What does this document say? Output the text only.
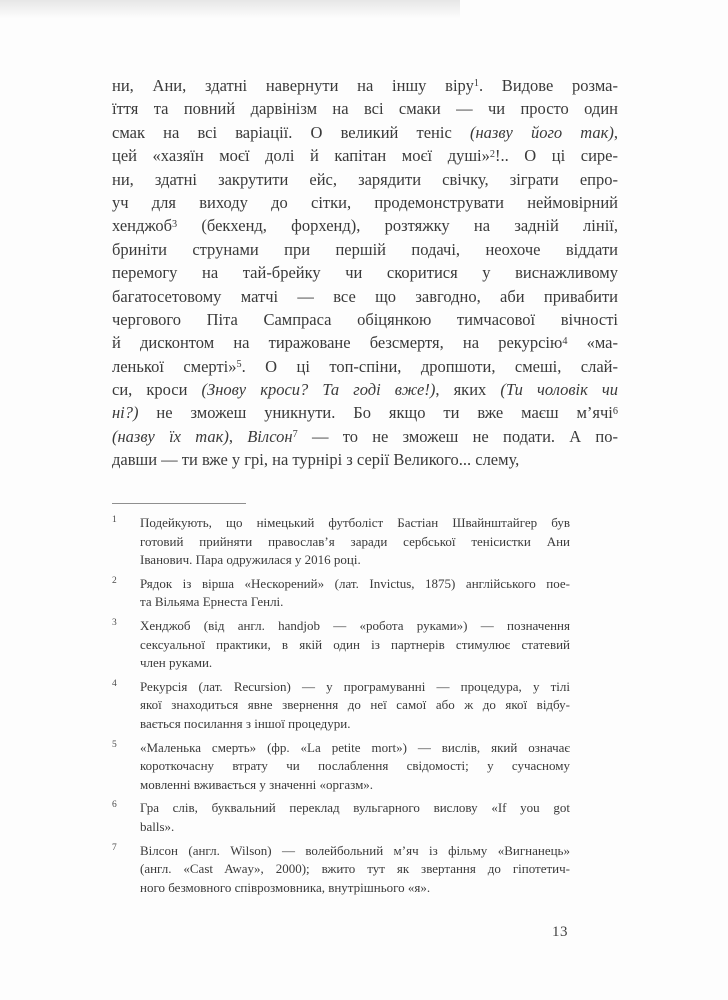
ни, Ани, здатні навернути на іншу віру$^1$. Видове розма-
їття та повний дарвінізм на всі смаки — чи просто один
смак на всі варіації. О великий теніс (назву його так),
цей «хазяїн моєї долі й капітан моєї душі»$^2$!.. О ці сире-
ни, здатні закрутити ейс, зарядити свічку, зіграти епро-
уч для виходу до сітки, продемонструвати неймовірний
хенджоб$^3$ (бекхенд, форхенд), розтяжку на задній лінії,
бриніти струнами при першій подачі, неохоче віддати
перемогу на тай-брейку чи скоритися у виснажливому
багатосетовому матчі — все що завгодно, аби привабити
чергового Піта Сампраса обіцянкою тимчасової вічності
й дисконтом на тиражоване безсмертя, на рекурсію$^4$ «ма-
ленької смерті»$^5$. О ці топ-спіни, дропшоти, смеші, слай-
си, кроси (Знову кроси? Та годі вже!), яких (Ти чоловік чи
ні?) не зможеш уникнути. Бо якщо ти вже маєш м’ячі$^6$
(назву їх так), Вілсон$^7$ — то не зможеш не подати. А по-
давши — ти вже у грі, на турнірі з серії Великого... слему,
1	Подейкують, що німецький футболіст Бастіан Швайнштайгер був
готовий прийняти православ’я заради сербської тенісистки Ани
Іванович. Пара одружилася у 2016 році.
2	Рядок із вірша «Нескорений» (лат. Invictus, 1875) англійського пое-
та Вільяма Ернеста Генлі.
3	Хенджоб (від англ. handjob — «робота руками») — позначення
сексуальної практики, в якій один із партнерів стимулює статевий
член руками.
4	Рекурсія (лат. Recursion) — у програмуванні — процедура, у тілі
якої знаходиться явне звернення до неї самої або ж до якої відбу-
вається посилання з іншої процедури.
5	«Маленька смерть» (фр. «La petite mort») — вислів, який означає
короткочасну втрату чи послаблення свідомості; у сучасному
мовленні вживається у значенні «оргазм».
6	Гра слів, буквальний переклад вульгарного вислову «If you got
balls».
7	Вілсон (англ. Wilson) — волейбольний м’яч із фільму «Вигнанець»
(англ. «Cast Away», 2000); вжито тут як звертання до гіпотетич-
ного безмовного співрозмовника, внутрішнього «я».
13
